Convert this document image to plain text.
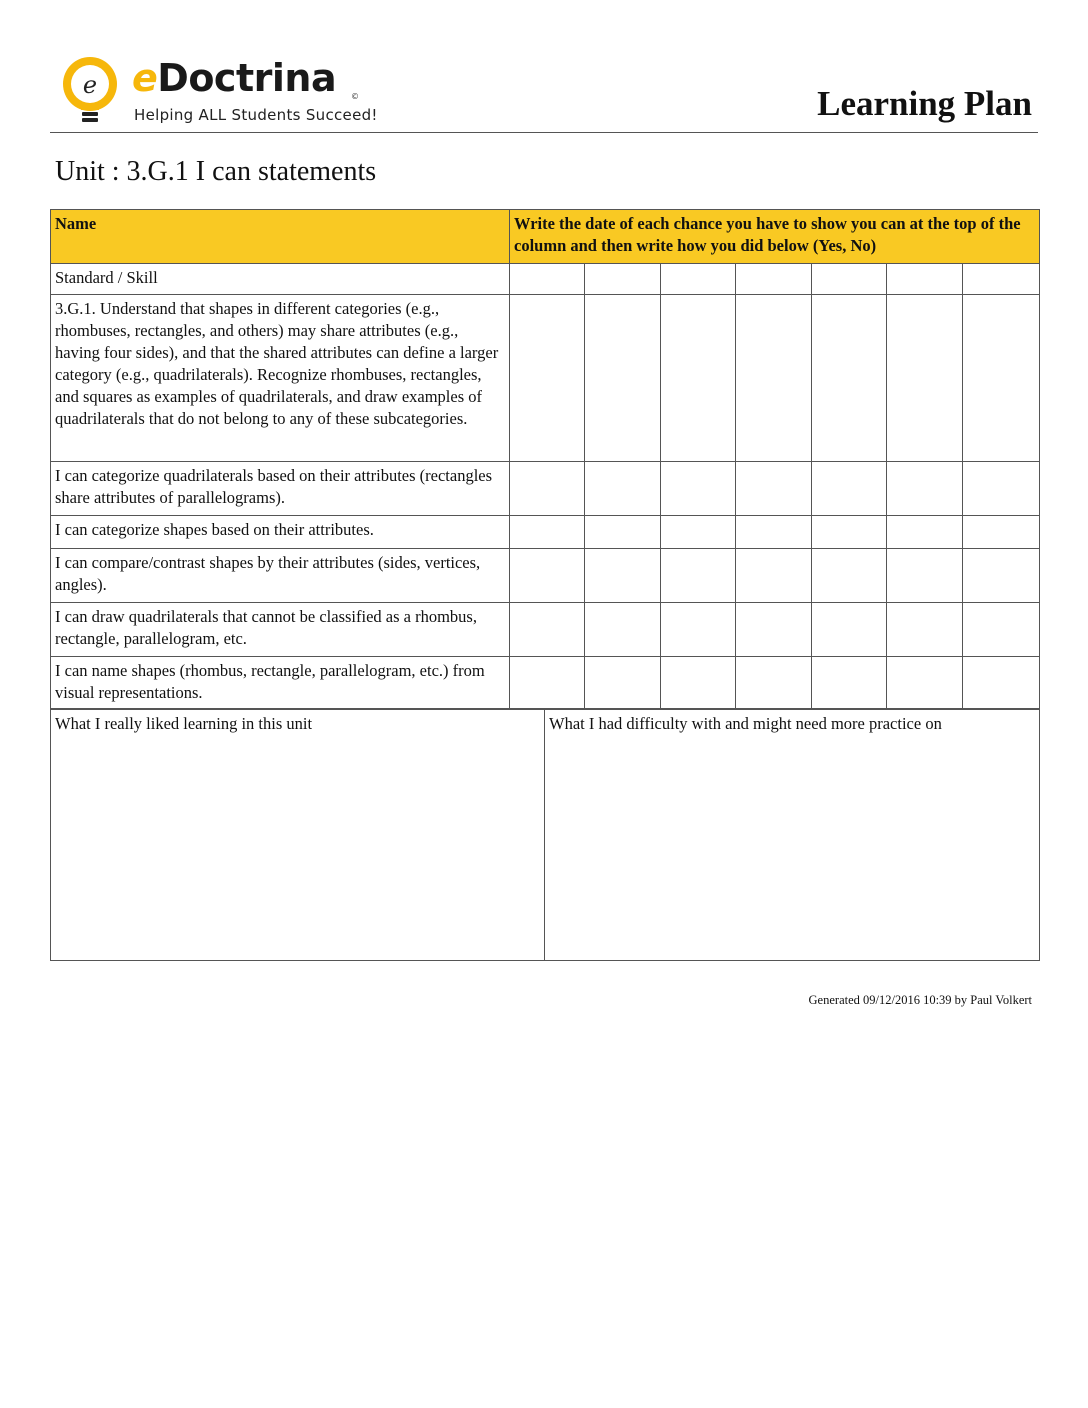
e eDoctrina ©
Helping ALL Students Succeed!	Learning Plan
Unit : 3.G.1 I can statements
Name	Write the date of each chance you have to show you can at the top of the column and then write how you did below (Yes, No)						
Standard / Skill							
3.G.1. Understand that shapes in different categories (e.g., rhombuses, rectangles, and others) may share attributes (e.g., having four sides), and that the shared attributes can define a larger category (e.g., quadrilaterals). Recognize rhombuses, rectangles, and squares as examples of quadrilaterals, and draw examples of quadrilaterals that do not belong to any of these subcategories.							
I can categorize quadrilaterals based on their attributes (rectangles share attributes of parallelograms).							
I can categorize shapes based on their attributes.							
I can compare/contrast shapes by their attributes (sides, vertices, angles).							
I can draw quadrilaterals that cannot be classified as a rhombus, rectangle, parallelogram, etc.							
I can name shapes (rhombus, rectangle, parallelogram, etc.) from visual representations.							
What I really liked learning in this unit	What I had difficulty with and might need more practice on
Generated 09/12/2016 10:39 by Paul Volkert
